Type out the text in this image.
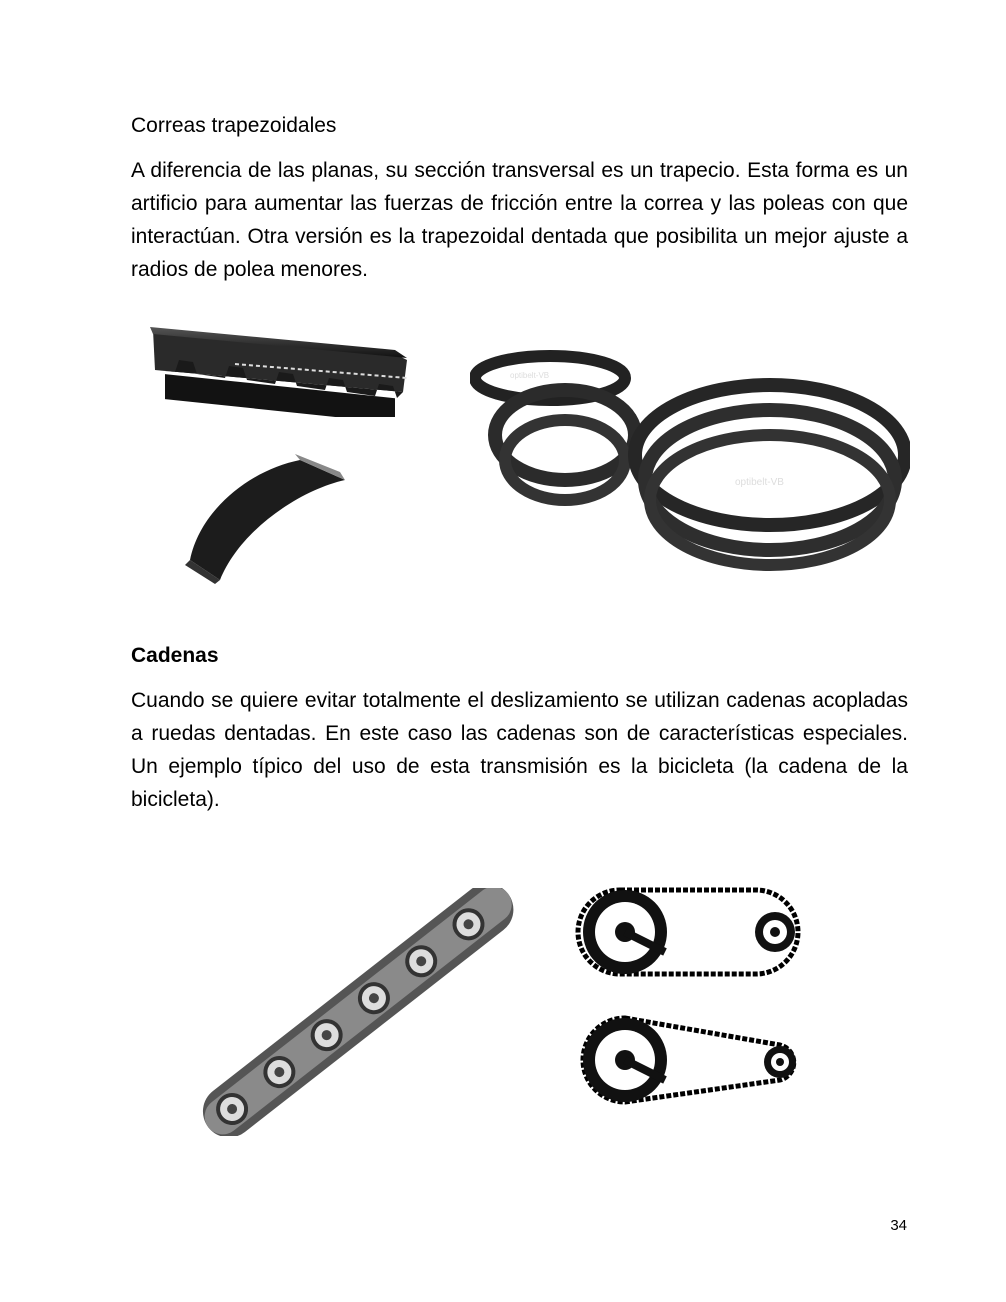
Correas trapezoidales

A diferencia de las planas, su sección transversal es un trapecio. Esta forma es un artificio para aumentar las fuerzas de fricción entre la correa y las poleas con que interactúan. Otra versión es la trapezoidal dentada que posibilita un mejor ajuste a radios de polea menores.

optibelt-VB
optibelt-VB
Cadenas

Cuando se quiere evitar totalmente el deslizamiento se utilizan cadenas acopladas a ruedas dentadas. En este caso las cadenas son de características especiales. Un ejemplo típico del uso de esta transmisión es la bicicleta (la cadena de la bicicleta).

34
